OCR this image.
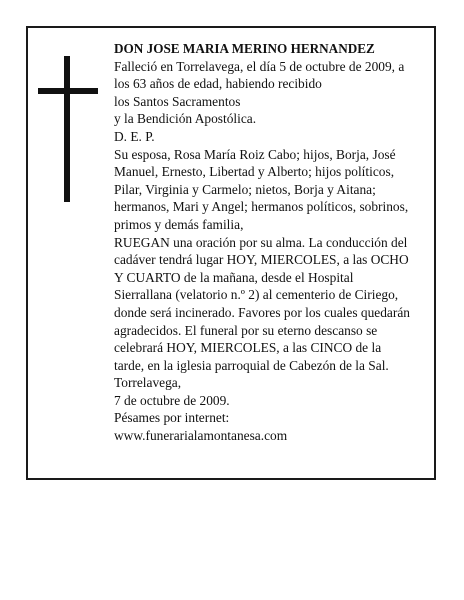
DON JOSE MARIA MERINO HERNANDEZ

Falleció en Torrelavega, el día 5 de octubre de 2009, a

los 63 años de edad, habiendo recibido

los Santos Sacramentos

y la Bendición Apostólica.

D. E. P.

Su esposa, Rosa María Roiz Cabo; hijos, Borja, José

Manuel, Ernesto, Libertad y Alberto; hijos políticos,

Pilar, Virginia y Carmelo; nietos, Borja y Aitana;

hermanos, Mari y Angel; hermanos políticos, sobrinos,

primos y demás familia,

RUEGAN una oración por su alma. La conducción del

cadáver tendrá lugar HOY, MIERCOLES, a las OCHO

Y CUARTO de la mañana, desde el Hospital

Sierrallana (velatorio n.º 2) al cementerio de Ciriego,

donde será incinerado. Favores por los cuales quedarán

agradecidos. El funeral por su eterno descanso se

celebrará HOY, MIERCOLES, a las CINCO de la

tarde, en la iglesia parroquial de Cabezón de la Sal.

Torrelavega,

7 de octubre de 2009.

Pésames por internet:

www.funerarialamontanesa.com
